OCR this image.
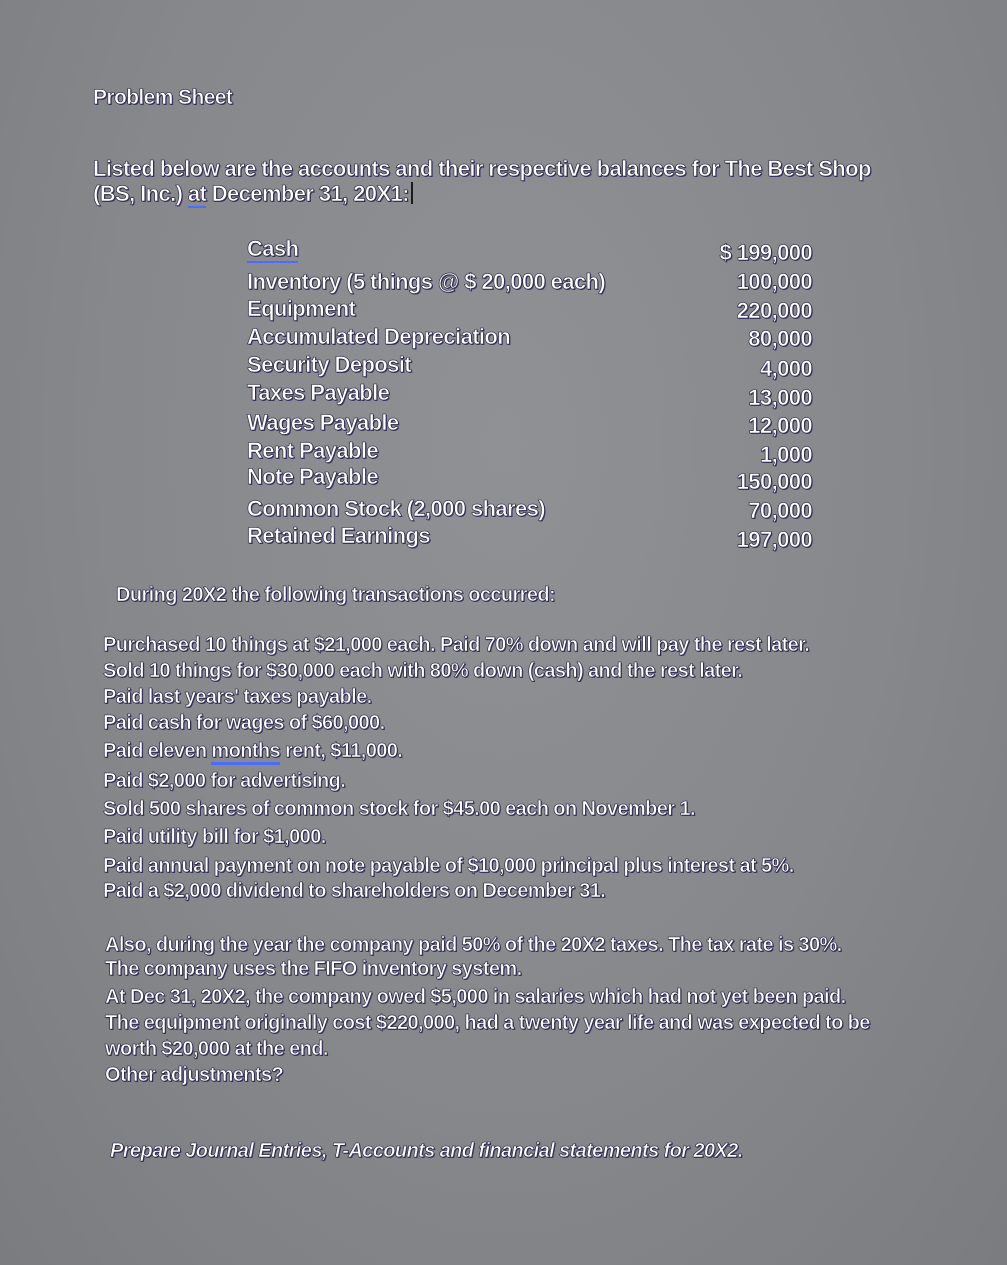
Problem Sheet
Listed below are the accounts and their respective balances for The Best Shop
(BS, Inc.) at December 31, 20X1:
Cash	$ 199,000
Inventory (5 things @ $ 20,000 each)	100,000
Equipment	220,000
Accumulated Depreciation	80,000
Security Deposit	4,000
Taxes Payable	13,000
Wages Payable	12,000
Rent Payable	1,000
Note Payable	150,000
Common Stock (2,000 shares)	70,000
Retained Earnings	197,000
During 20X2 the following transactions occurred:
Purchased 10 things at $21,000 each. Paid 70% down and will pay the rest later.
Sold 10 things for $30,000 each with 80% down (cash) and the rest later.
Paid last years' taxes payable.
Paid cash for wages of $60,000.
Paid eleven months rent, $11,000.
Paid $2,000 for advertising.
Sold 500 shares of common stock for $45.00 each on November 1.
Paid utility bill for $1,000.
Paid annual payment on note payable of $10,000 principal plus interest at 5%.
Paid a $2,000 dividend to shareholders on December 31.
Also, during the year the company paid 50% of the 20X2 taxes. The tax rate is 30%.
The company uses the FIFO inventory system.
At Dec 31, 20X2, the company owed $5,000 in salaries which had not yet been paid.
The equipment originally cost $220,000, had a twenty year life and was expected to be
worth $20,000 at the end.
Other adjustments?
Prepare Journal Entries, T-Accounts and financial statements for 20X2.
